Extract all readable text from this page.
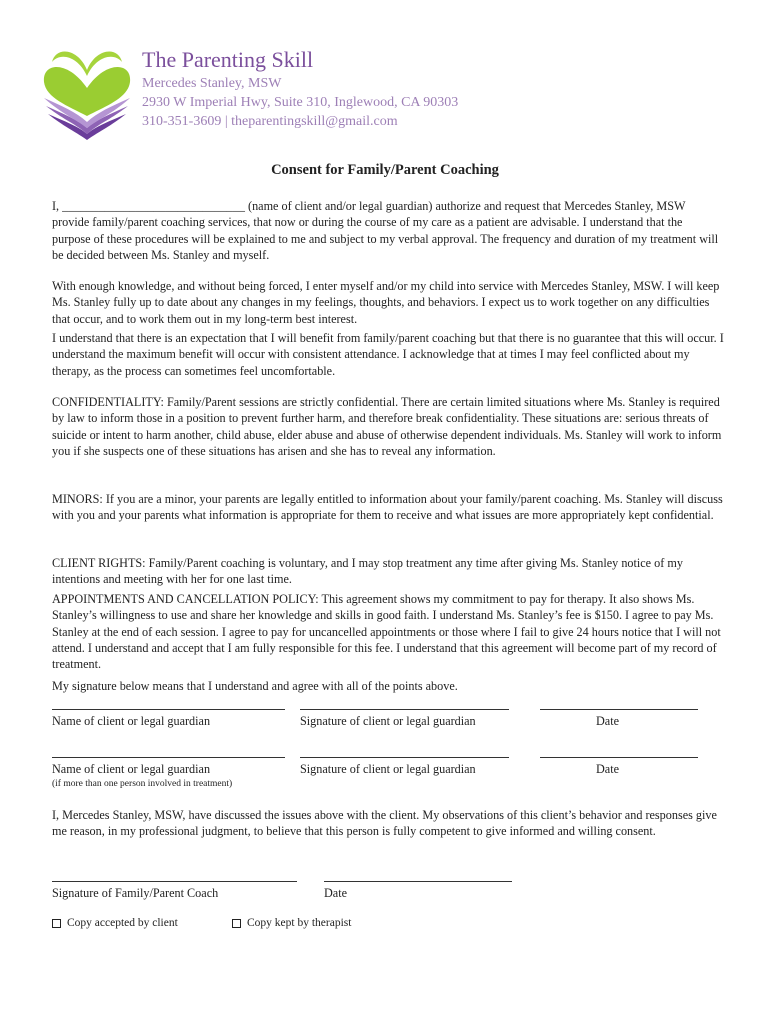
The Parenting Skill
Mercedes Stanley, MSW
2930 W Imperial Hwy, Suite 310, Inglewood, CA 90303
310-351-3609 | theparentingskill@gmail.com
Consent for Family/Parent Coaching

I, ______________________________ (name of client and/or legal guardian) authorize and request that Mercedes Stanley, MSW provide family/parent coaching services, that now or during the course of my care as a patient are advisable. I understand that the purpose of these procedures will be explained to me and subject to my verbal approval. The frequency and duration of my treatment will be decided between Ms. Stanley and myself.

With enough knowledge, and without being forced, I enter myself and/or my child into service with Mercedes Stanley, MSW. I will keep Ms. Stanley fully up to date about any changes in my feelings, thoughts, and behaviors. I expect us to work together on any difficulties that occur, and to work them out in my long-term best interest.

I understand that there is an expectation that I will benefit from family/parent coaching but that there is no guarantee that this will occur. I understand the maximum benefit will occur with consistent attendance. I acknowledge that at times I may feel conflicted about my therapy, as the process can sometimes feel uncomfortable.

CONFIDENTIALITY: Family/Parent sessions are strictly confidential. There are certain limited situations where Ms. Stanley is required by law to inform those in a position to prevent further harm, and therefore break confidentiality. These situations are: serious threats of suicide or intent to harm another, child abuse, elder abuse and abuse of otherwise dependent individuals. Ms. Stanley will work to inform you if she suspects one of these situations has arisen and she has to reveal any information.

MINORS: If you are a minor, your parents are legally entitled to information about your family/parent coaching. Ms. Stanley will discuss with you and your parents what information is appropriate for them to receive and what issues are more appropriately kept confidential.

CLIENT RIGHTS: Family/Parent coaching is voluntary, and I may stop treatment any time after giving Ms. Stanley notice of my intentions and meeting with her for one last time.

APPOINTMENTS AND CANCELLATION POLICY: This agreement shows my commitment to pay for therapy. It also shows Ms. Stanley’s willingness to use and share her knowledge and skills in good faith. I understand Ms. Stanley’s fee is $150. I agree to pay Ms. Stanley at the end of each session. I agree to pay for uncancelled appointments or those where I fail to give 24 hours notice that I will not attend. I understand and accept that I am fully responsible for this fee. I understand that this agreement will become part of my record of treatment.

My signature below means that I understand and agree with all of the points above.

Name of client or legal guardian	Signature of client or legal guardian	Date
Name of client or legal guardian	Signature of client or legal guardian	Date
(if more than one person involved in treatment)

I, Mercedes Stanley, MSW, have discussed the issues above with the client. My observations of this client’s behavior and responses give me reason, in my professional judgment, to believe that this person is fully competent to give informed and willing consent.

Signature of Family/Parent Coach	Date
Copy accepted by client	Copy kept by therapist
